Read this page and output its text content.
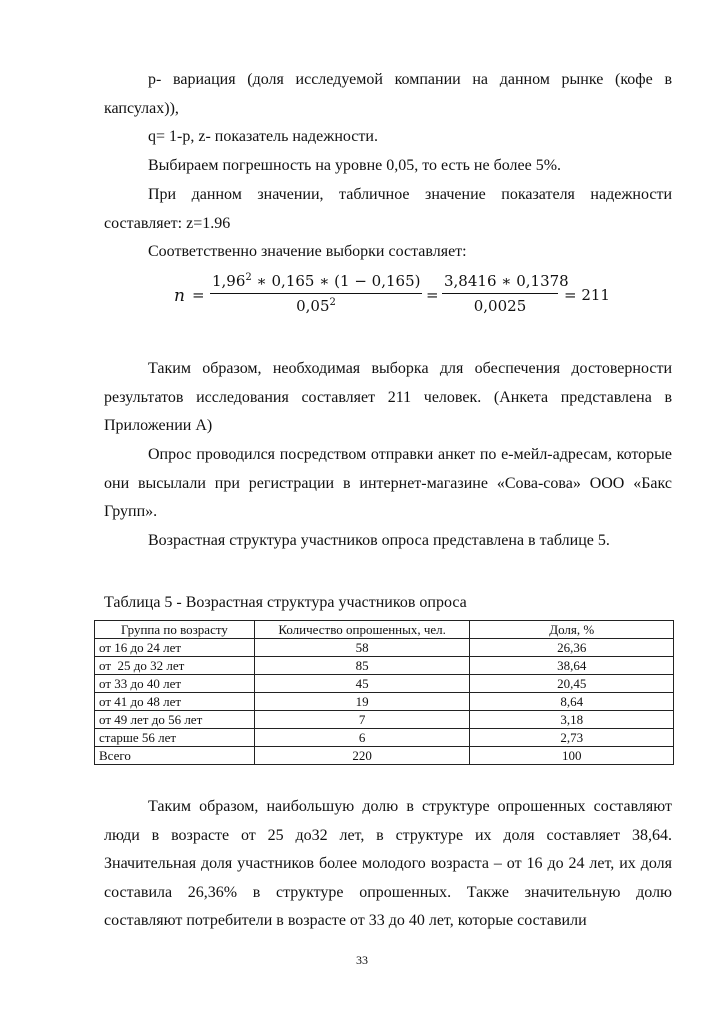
р- вариация (доля исследуемой компании на данном рынке (кофе в капсулах)),

q= 1-р, z- показатель надежности.

Выбираем погрешность на уровне 0,05, то есть не более 5%.

При данном значении, табличное значение показателя надежности составляет: z=1.96

Соответственно значение выборки составляет:

$n = \frac{1,96^2 ∗ 0,165 ∗ (1 - 0,165)}{0,05^2} = \frac{3,8416 ∗ 0,1378}{0,0025} = 211$

Таким образом, необходимая выборка для обеспечения достоверности результатов исследования составляет 211 человек. (Анкета представлена в Приложении А)

Опрос проводился посредством отправки анкет по е-мейл-адресам, которые они высылали при регистрации в интернет-магазине «Сова-сова» ООО «Бакс Групп».

Возрастная структура участников опроса представлена в таблице 5.

Таблица 5 - Возрастная структура участников опроса

Группа по возрасту	Количество опрошенных, чел.	Доля, %
от 16 до 24 лет	58	26,36
от  25 до 32 лет	85	38,64
от 33 до 40 лет	45	20,45
от 41 до 48 лет	19	8,64
от 49 лет до 56 лет	7	3,18
старше 56 лет	6	2,73
Всего	220	100

Таким образом, наибольшую долю в структуре опрошенных составляют люди в возрасте от 25 до32 лет, в структуре их доля составляет 38,64. Значительная доля участников более молодого возраста – от 16 до 24 лет, их доля составила 26,36% в структуре опрошенных. Также значительную долю составляют потребители в возрасте от 33 до 40 лет, которые составили

33
